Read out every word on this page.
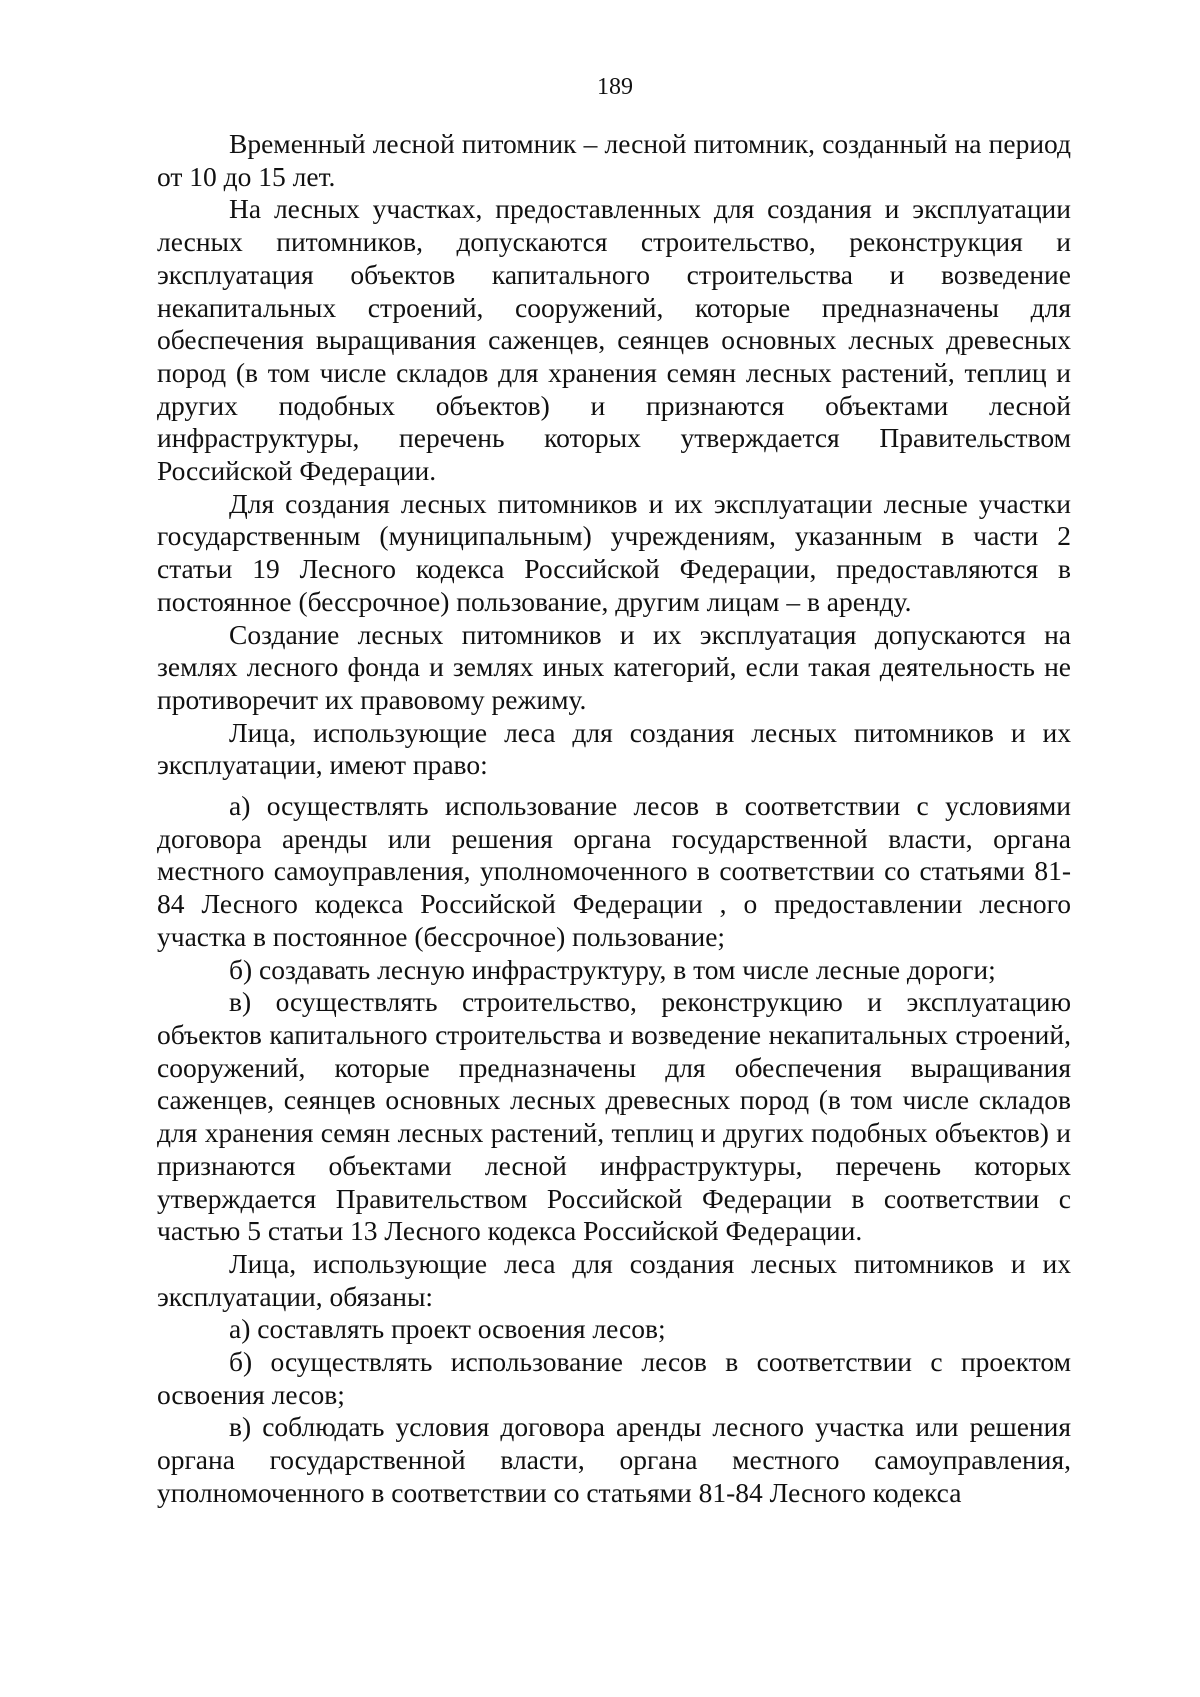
189

Временный лесной питомник – лесной питомник, созданный на период от 10 до 15 лет.

На лесных участках, предоставленных для создания и эксплуатации лесных питомников, допускаются строительство, реконструкция и эксплуатация объектов капитального строительства и возведение некапитальных строений, сооружений, которые предназначены для обеспечения выращивания саженцев, сеянцев основных лесных древесных пород (в том числе складов для хранения семян лесных растений, теплиц и других подобных объектов) и признаются объектами лесной инфраструктуры, перечень которых утверждается Правительством Российской Федерации.

Для создания лесных питомников и их эксплуатации лесные участки государственным (муниципальным) учреждениям, указанным в части 2 статьи 19 Лесного кодекса Российской Федерации, предоставляются в постоянное (бессрочное) пользование, другим лицам – в аренду.

Создание лесных питомников и их эксплуатация допускаются на землях лесного фонда и землях иных категорий, если такая деятельность не противоречит их правовому режиму.

Лица, использующие леса для создания лесных питомников и их эксплуатации, имеют право:

а) осуществлять использование лесов в соответствии с условиями договора аренды или решения органа государственной власти, органа местного самоуправления, уполномоченного в соответствии со статьями 81-84 Лесного кодекса Российской Федерации , о предоставлении лесного участка в постоянное (бессрочное) пользование;

б) создавать лесную инфраструктуру, в том числе лесные дороги;

в) осуществлять строительство, реконструкцию и эксплуатацию объектов капитального строительства и возведение некапитальных строений, сооружений, которые предназначены для обеспечения выращивания саженцев, сеянцев основных лесных древесных пород (в том числе складов для хранения семян лесных растений, теплиц и других подобных объектов) и признаются объектами лесной инфраструктуры, перечень которых утверждается Правительством Российской Федерации в соответствии с частью 5 статьи 13 Лесного кодекса Российской Федерации.

Лица, использующие леса для создания лесных питомников и их эксплуатации, обязаны:

а) составлять проект освоения лесов;

б) осуществлять использование лесов в соответствии с проектом освоения лесов;

в) соблюдать условия договора аренды лесного участка или решения органа государственной власти, органа местного самоуправления, уполномоченного в соответствии со статьями 81-84 Лесного кодекса
